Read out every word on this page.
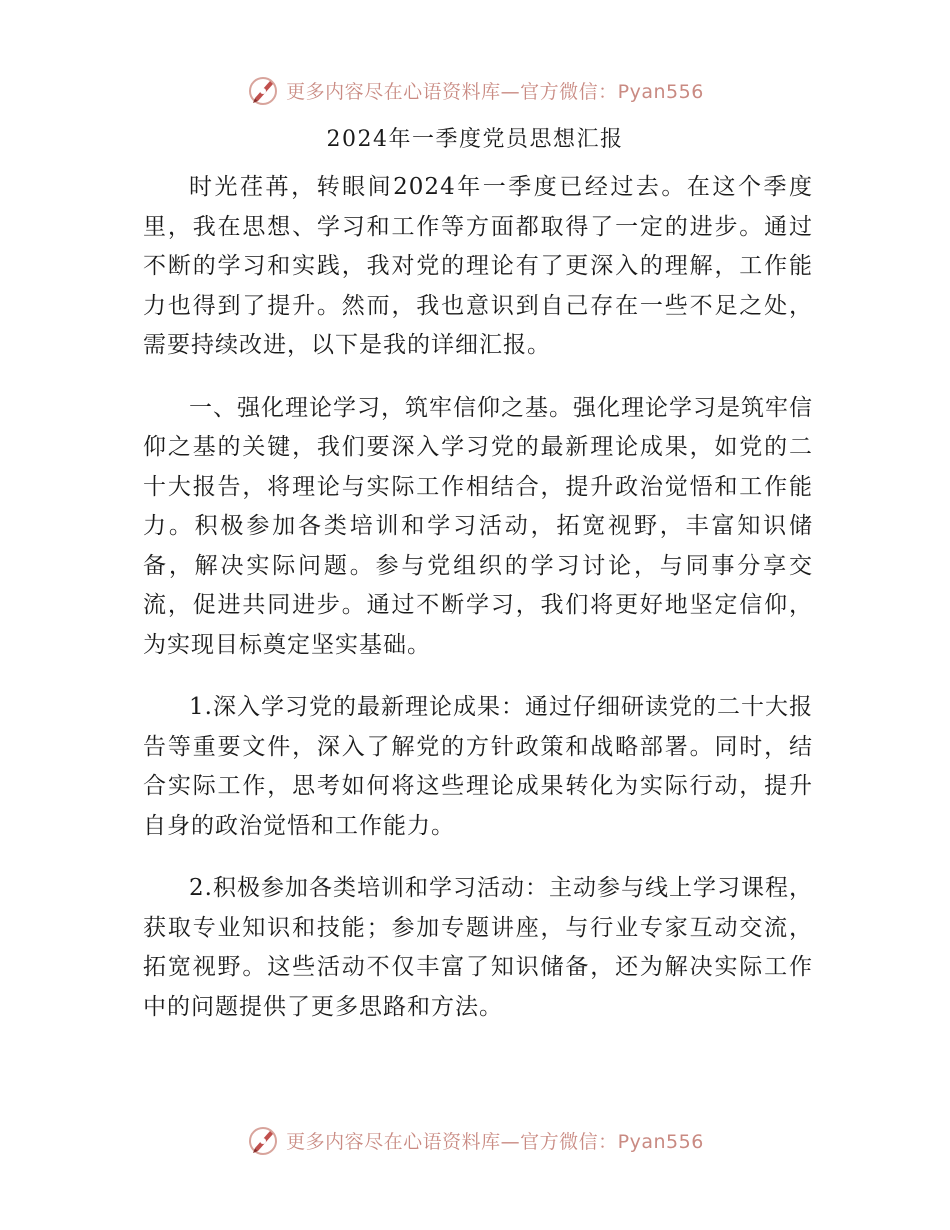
更多内容尽在心语资料库—官方微信：Pyan556
2024年一季度党员思想汇报

时光荏苒，转眼间2024年一季度已经过去。在这个季度里，我在思想、学习和工作等方面都取得了一定的进步。通过不断的学习和实践，我对党的理论有了更深入的理解，工作能力也得到了提升。然而，我也意识到自己存在一些不足之处，需要持续改进，以下是我的详细汇报。

一、强化理论学习，筑牢信仰之基。强化理论学习是筑牢信仰之基的关键，我们要深入学习党的最新理论成果，如党的二十大报告，将理论与实际工作相结合，提升政治觉悟和工作能力。积极参加各类培训和学习活动，拓宽视野，丰富知识储备，解决实际问题。参与党组织的学习讨论，与同事分享交流，促进共同进步。通过不断学习，我们将更好地坚定信仰，为实现目标奠定坚实基础。

1.深入学习党的最新理论成果：通过仔细研读党的二十大报告等重要文件，深入了解党的方针政策和战略部署。同时，结合实际工作，思考如何将这些理论成果转化为实际行动，提升自身的政治觉悟和工作能力。

2.积极参加各类培训和学习活动：主动参与线上学习课程，获取专业知识和技能；参加专题讲座，与行业专家互动交流，拓宽视野。这些活动不仅丰富了知识储备，还为解决实际工作中的问题提供了更多思路和方法。

更多内容尽在心语资料库—官方微信：Pyan556
